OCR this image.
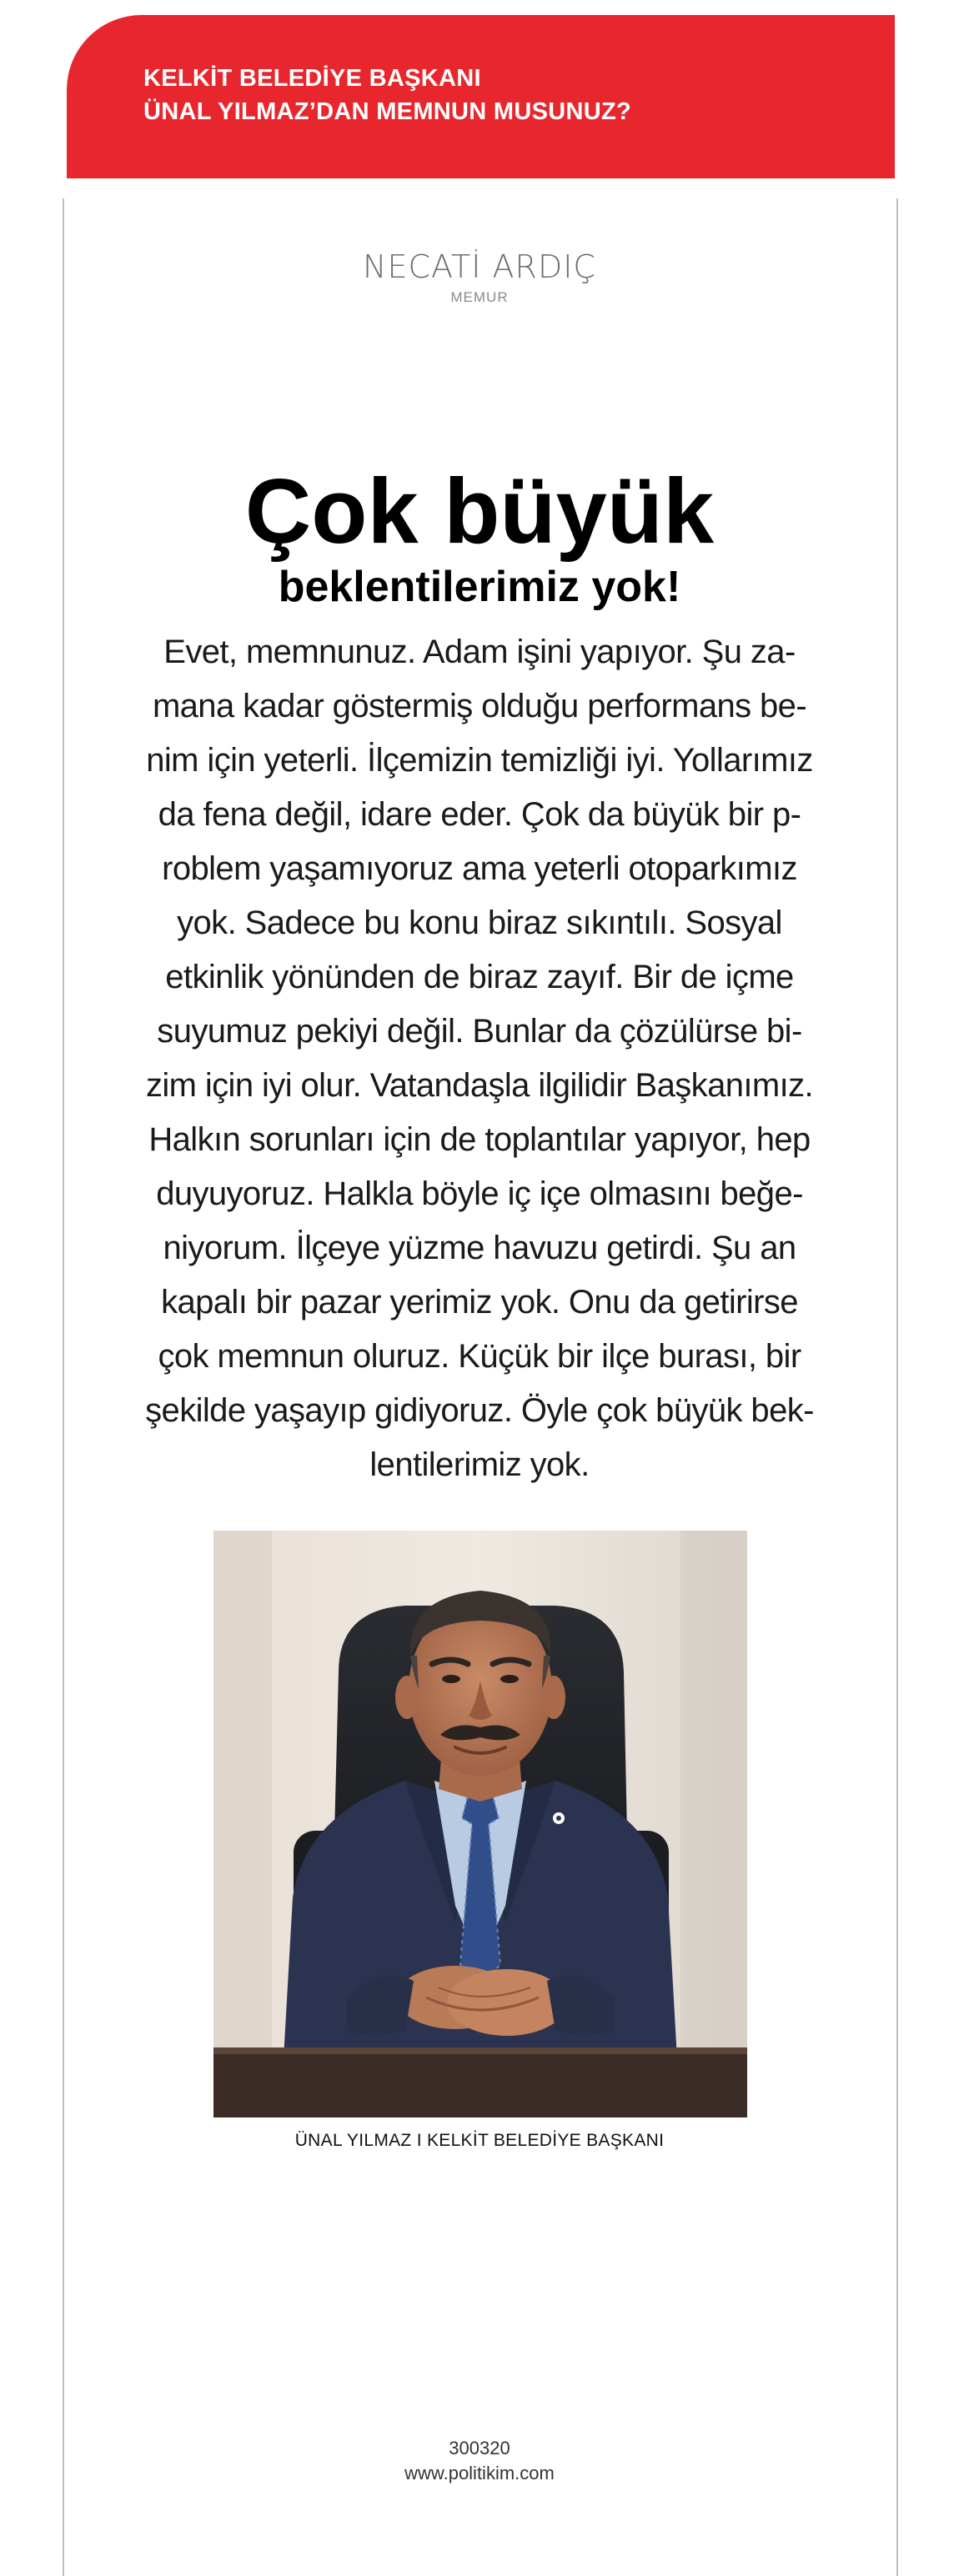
KELKİT BELEDİYE BAŞKANI
ÜNAL YILMAZ’DAN MEMNUN MUSUNUZ?
NECATİ ARDIÇ
MEMUR
Çok büyük
beklentilerimiz yok!
Evet, memnunuz. Adam işini yapıyor. Şu za-
mana kadar göstermiş olduğu performans be-
nim için yeterli. İlçemizin temizliği iyi. Yollarımız
da fena değil, idare eder. Çok da büyük bir p-
roblem yaşamıyoruz ama yeterli otoparkımız
yok. Sadece bu konu biraz sıkıntılı. Sosyal
etkinlik yönünden de biraz zayıf. Bir de içme
suyumuz pekiyi değil. Bunlar da çözülürse bi-
zim için iyi olur. Vatandaşla ilgilidir Başkanımız.
Halkın sorunları için de toplantılar yapıyor, hep
duyuyoruz. Halkla böyle iç içe olmasını beğe-
niyorum. İlçeye yüzme havuzu getirdi. Şu an
kapalı bir pazar yerimiz yok. Onu da getirirse
çok memnun oluruz. Küçük bir ilçe burası, bir
şekilde yaşayıp gidiyoruz. Öyle çok büyük bek-
lentilerimiz yok.
ÜNAL YILMAZ I KELKİT BELEDİYE BAŞKANI
300320
www.politikim.com
